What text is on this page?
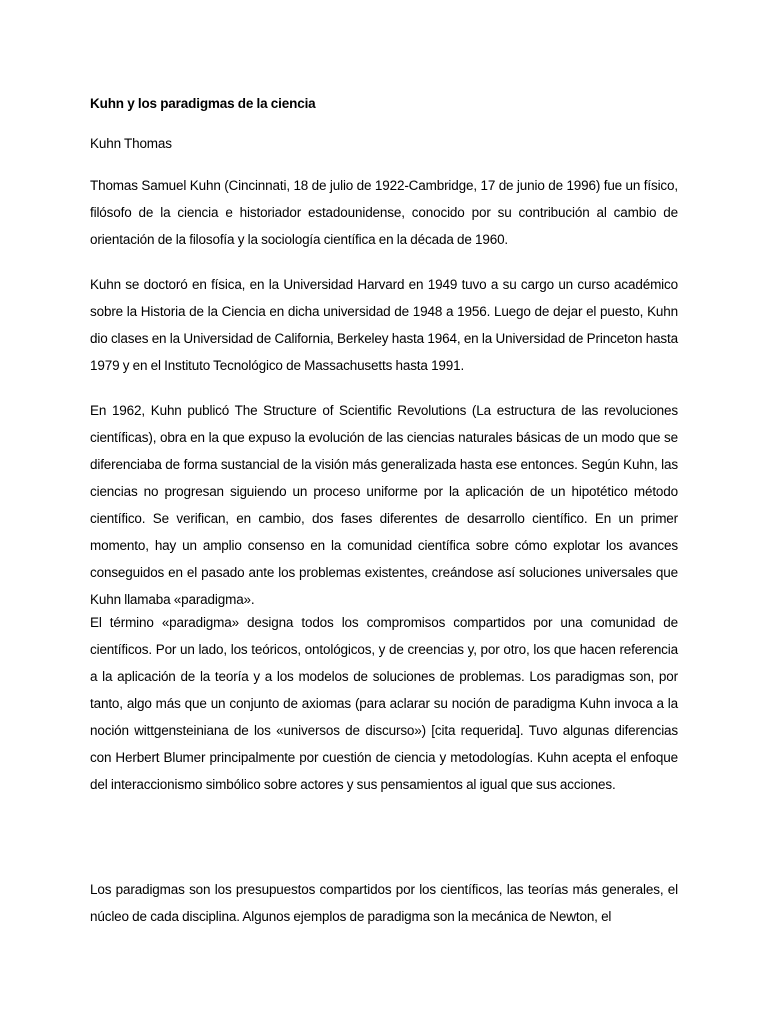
Kuhn y los paradigmas de la ciencia

Kuhn Thomas

Thomas Samuel Kuhn (Cincinnati, 18 de julio de 1922-Cambridge, 17 de junio de 1996) fue un físico, filósofo de la ciencia e historiador estadounidense, conocido por su contribución al cambio de orientación de la filosofía y la sociología científica en la década de 1960.

Kuhn se doctoró en física, en la Universidad Harvard en 1949 tuvo a su cargo un curso académico sobre la Historia de la Ciencia en dicha universidad de 1948 a 1956. Luego de dejar el puesto, Kuhn dio clases en la Universidad de California, Berkeley hasta 1964, en la Universidad de Princeton hasta 1979 y en el Instituto Tecnológico de Massachusetts hasta 1991.

En 1962, Kuhn publicó The Structure of Scientific Revolutions (La estructura de las revoluciones científicas), obra en la que expuso la evolución de las ciencias naturales básicas de un modo que se diferenciaba de forma sustancial de la visión más generalizada hasta ese entonces. Según Kuhn, las ciencias no progresan siguiendo un proceso uniforme por la aplicación de un hipotético método científico. Se verifican, en cambio, dos fases diferentes de desarrollo científico. En un primer momento, hay un amplio consenso en la comunidad científica sobre cómo explotar los avances conseguidos en el pasado ante los problemas existentes, creándose así soluciones universales que Kuhn llamaba «paradigma».

El término «paradigma» designa todos los compromisos compartidos por una comunidad de científicos. Por un lado, los teóricos, ontológicos, y de creencias y, por otro, los que hacen referencia a la aplicación de la teoría y a los modelos de soluciones de problemas. Los paradigmas son, por tanto, algo más que un conjunto de axiomas (para aclarar su noción de paradigma Kuhn invoca a la noción wittgensteiniana de los «universos de discurso») [cita requerida]. Tuvo algunas diferencias con Herbert Blumer principalmente por cuestión de ciencia y metodologías. Kuhn acepta el enfoque del interaccionismo simbólico sobre actores y sus pensamientos al igual que sus acciones.

Los paradigmas son los presupuestos compartidos por los científicos, las teorías más generales, el núcleo de cada disciplina. Algunos ejemplos de paradigma son la mecánica de Newton, el
